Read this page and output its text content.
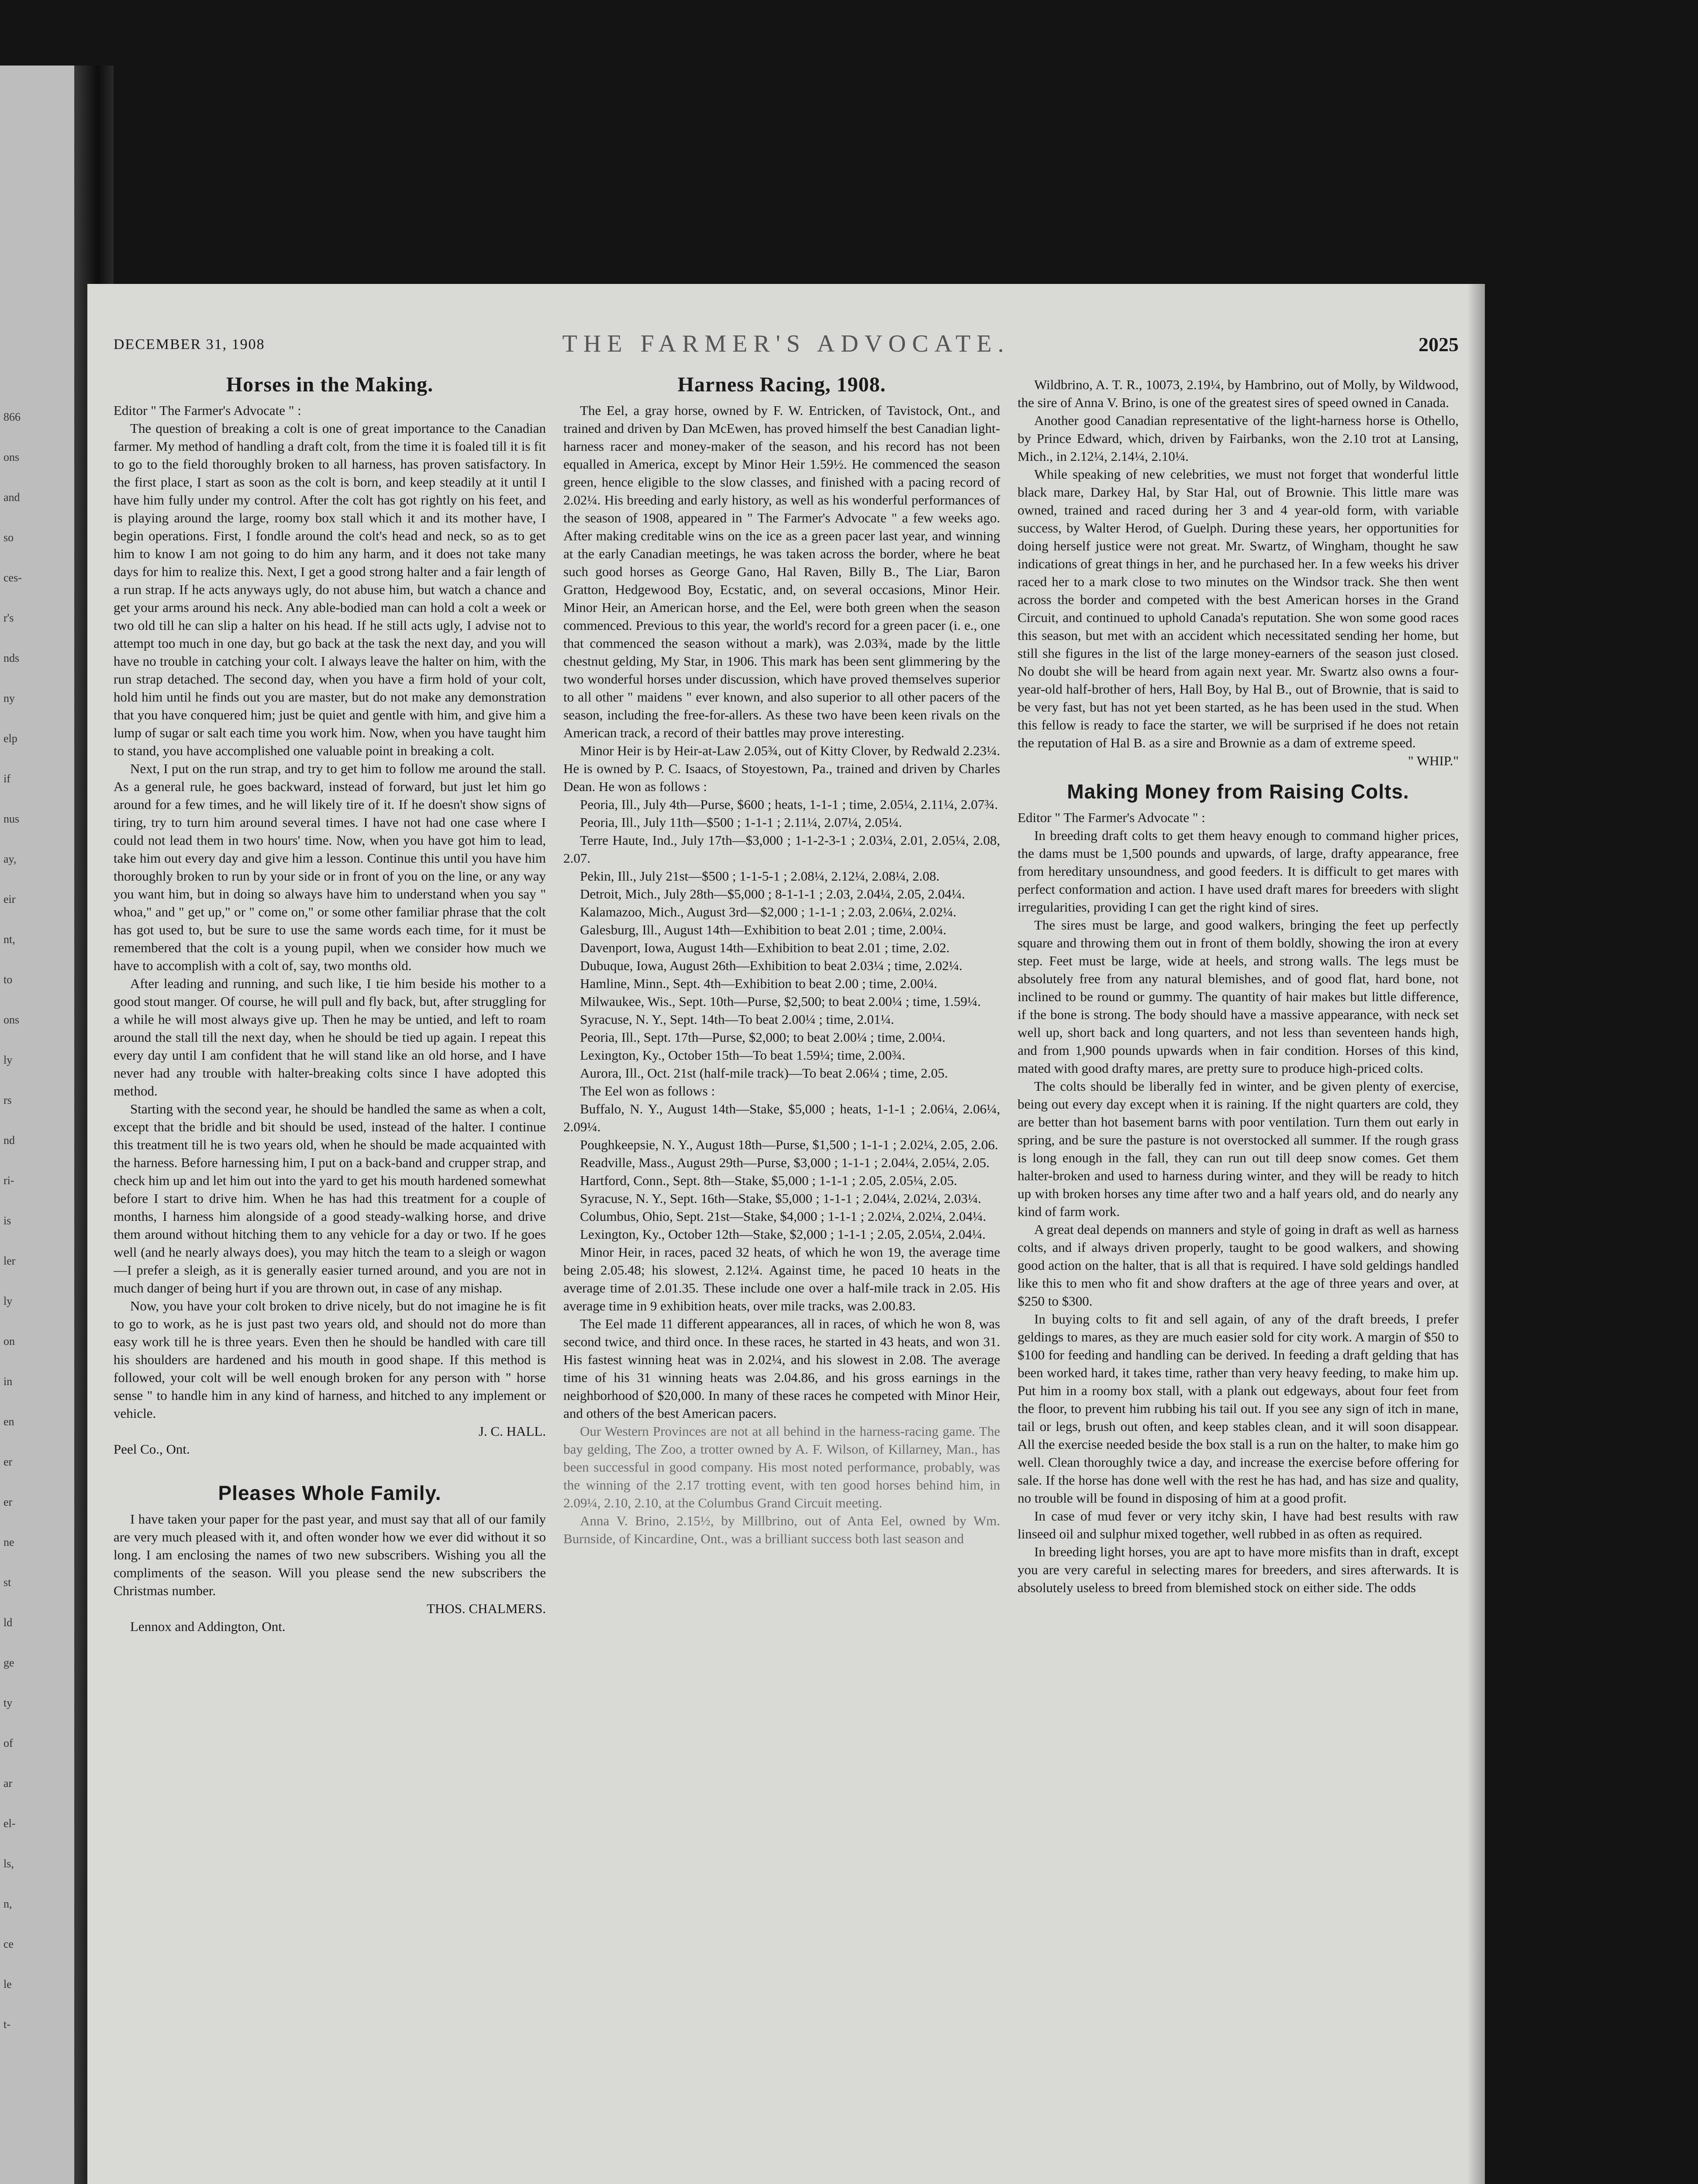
866
ons
and
so
ces-
r's
nds
ny
elp
if
nus
ay,
eir
nt,
to
ons
ly
rs
nd
ri-
is
ler
ly
on
in
en
er
er
ne
st
ld
ge
ty
of
ar
el-
ls,
n,
ce
le
t-
DECEMBER 31, 1908	THE FARMER'S ADVOCATE.	2025
Horses in the Making.

Editor " The Farmer's Advocate " :

The question of breaking a colt is one of great importance to the Canadian farmer. My method of handling a draft colt, from the time it is foaled till it is fit to go to the field thoroughly broken to all harness, has proven satisfactory. In the first place, I start as soon as the colt is born, and keep steadily at it until I have him fully under my control. After the colt has got rightly on his feet, and is playing around the large, roomy box stall which it and its mother have, I begin operations. First, I fondle around the colt's head and neck, so as to get him to know I am not going to do him any harm, and it does not take many days for him to realize this. Next, I get a good strong halter and a fair length of a run strap. If he acts anyways ugly, do not abuse him, but watch a chance and get your arms around his neck. Any able-bodied man can hold a colt a week or two old till he can slip a halter on his head. If he still acts ugly, I advise not to attempt too much in one day, but go back at the task the next day, and you will have no trouble in catching your colt. I always leave the halter on him, with the run strap detached. The second day, when you have a firm hold of your colt, hold him until he finds out you are master, but do not make any demonstration that you have conquered him; just be quiet and gentle with him, and give him a lump of sugar or salt each time you work him. Now, when you have taught him to stand, you have accomplished one valuable point in breaking a colt.

Next, I put on the run strap, and try to get him to follow me around the stall. As a general rule, he goes backward, instead of forward, but just let him go around for a few times, and he will likely tire of it. If he doesn't show signs of tiring, try to turn him around several times. I have not had one case where I could not lead them in two hours' time. Now, when you have got him to lead, take him out every day and give him a lesson. Continue this until you have him thoroughly broken to run by your side or in front of you on the line, or any way you want him, but in doing so always have him to understand when you say " whoa," and " get up," or " come on," or some other familiar phrase that the colt has got used to, but be sure to use the same words each time, for it must be remembered that the colt is a young pupil, when we consider how much we have to accomplish with a colt of, say, two months old.

After leading and running, and such like, I tie him beside his mother to a good stout manger. Of course, he will pull and fly back, but, after struggling for a while he will most always give up. Then he may be untied, and left to roam around the stall till the next day, when he should be tied up again. I repeat this every day until I am confident that he will stand like an old horse, and I have never had any trouble with halter-breaking colts since I have adopted this method.

Starting with the second year, he should be handled the same as when a colt, except that the bridle and bit should be used, instead of the halter. I continue this treatment till he is two years old, when he should be made acquainted with the harness. Before harnessing him, I put on a back-band and crupper strap, and check him up and let him out into the yard to get his mouth hardened somewhat before I start to drive him. When he has had this treatment for a couple of months, I harness him alongside of a good steady-walking horse, and drive them around without hitching them to any vehicle for a day or two. If he goes well (and he nearly always does), you may hitch the team to a sleigh or wagon—I prefer a sleigh, as it is generally easier turned around, and you are not in much danger of being hurt if you are thrown out, in case of any mishap.

Now, you have your colt broken to drive nicely, but do not imagine he is fit to go to work, as he is just past two years old, and should not do more than easy work till he is three years. Even then he should be handled with care till his shoulders are hardened and his mouth in good shape. If this method is followed, your colt will be well enough broken for any person with " horse sense " to handle him in any kind of harness, and hitched to any implement or vehicle.

J. C. HALL.

Peel Co., Ont.

Pleases Whole Family.

I have taken your paper for the past year, and must say that all of our family are very much pleased with it, and often wonder how we ever did without it so long. I am enclosing the names of two new subscribers. Wishing you all the compliments of the season. Will you please send the new subscribers the Christmas number.

THOS. CHALMERS.

Lennox and Addington, Ont.

Harness Racing, 1908.

The Eel, a gray horse, owned by F. W. Entricken, of Tavistock, Ont., and trained and driven by Dan McEwen, has proved himself the best Canadian light-harness racer and money-maker of the season, and his record has not been equalled in America, except by Minor Heir 1.59½. He commenced the season green, hence eligible to the slow classes, and finished with a pacing record of 2.02¼. His breeding and early history, as well as his wonderful performances of the season of 1908, appeared in " The Farmer's Advocate " a few weeks ago. After making creditable wins on the ice as a green pacer last year, and winning at the early Canadian meetings, he was taken across the border, where he beat such good horses as George Gano, Hal Raven, Billy B., The Liar, Baron Gratton, Hedgewood Boy, Ecstatic, and, on several occasions, Minor Heir. Minor Heir, an American horse, and the Eel, were both green when the season commenced. Previous to this year, the world's record for a green pacer (i. e., one that commenced the season without a mark), was 2.03¾, made by the little chestnut gelding, My Star, in 1906. This mark has been sent glimmering by the two wonderful horses under discussion, which have proved themselves superior to all other " maidens " ever known, and also superior to all other pacers of the season, including the free-for-allers. As these two have been keen rivals on the American track, a record of their battles may prove interesting.

Minor Heir is by Heir-at-Law 2.05¾, out of Kitty Clover, by Redwald 2.23¼. He is owned by P. C. Isaacs, of Stoyestown, Pa., trained and driven by Charles Dean. He won as follows :

Peoria, Ill., July 4th—Purse, $600 ; heats, 1-1-1 ; time, 2.05¼, 2.11¼, 2.07¾.

Peoria, Ill., July 11th—$500 ; 1-1-1 ; 2.11¼, 2.07¼, 2.05¼.

Terre Haute, Ind., July 17th—$3,000 ; 1-1-2-3-1 ; 2.03¼, 2.01, 2.05¼, 2.08, 2.07.

Pekin, Ill., July 21st—$500 ; 1-1-5-1 ; 2.08¼, 2.12¼, 2.08¼, 2.08.

Detroit, Mich., July 28th—$5,000 ; 8-1-1-1 ; 2.03, 2.04¼, 2.05, 2.04¼.

Kalamazoo, Mich., August 3rd—$2,000 ; 1-1-1 ; 2.03, 2.06¼, 2.02¼.

Galesburg, Ill., August 14th—Exhibition to beat 2.01 ; time, 2.00¼.

Davenport, Iowa, August 14th—Exhibition to beat 2.01 ; time, 2.02.

Dubuque, Iowa, August 26th—Exhibition to beat 2.03¼ ; time, 2.02¼.

Hamline, Minn., Sept. 4th—Exhibition to beat 2.00 ; time, 2.00¼.

Milwaukee, Wis., Sept. 10th—Purse, $2,500; to beat 2.00¼ ; time, 1.59¼.

Syracuse, N. Y., Sept. 14th—To beat 2.00¼ ; time, 2.01¼.

Peoria, Ill., Sept. 17th—Purse, $2,000; to beat 2.00¼ ; time, 2.00¼.

Lexington, Ky., October 15th—To beat 1.59¼; time, 2.00¾.

Aurora, Ill., Oct. 21st (half-mile track)—To beat 2.06¼ ; time, 2.05.

The Eel won as follows :

Buffalo, N. Y., August 14th—Stake, $5,000 ; heats, 1-1-1 ; 2.06¼, 2.06¼, 2.09¼.

Poughkeepsie, N. Y., August 18th—Purse, $1,500 ; 1-1-1 ; 2.02¼, 2.05, 2.06.

Readville, Mass., August 29th—Purse, $3,000 ; 1-1-1 ; 2.04¼, 2.05¼, 2.05.

Hartford, Conn., Sept. 8th—Stake, $5,000 ; 1-1-1 ; 2.05, 2.05¼, 2.05.

Syracuse, N. Y., Sept. 16th—Stake, $5,000 ; 1-1-1 ; 2.04¼, 2.02¼, 2.03¼.

Columbus, Ohio, Sept. 21st—Stake, $4,000 ; 1-1-1 ; 2.02¼, 2.02¼, 2.04¼.

Lexington, Ky., October 12th—Stake, $2,000 ; 1-1-1 ; 2.05, 2.05¼, 2.04¼.

Minor Heir, in races, paced 32 heats, of which he won 19, the average time being 2.05.48; his slowest, 2.12¼. Against time, he paced 10 heats in the average time of 2.01.35. These include one over a half-mile track in 2.05. His average time in 9 exhibition heats, over mile tracks, was 2.00.83.

The Eel made 11 different appearances, all in races, of which he won 8, was second twice, and third once. In these races, he started in 43 heats, and won 31. His fastest winning heat was in 2.02¼, and his slowest in 2.08. The average time of his 31 winning heats was 2.04.86, and his gross earnings in the neighborhood of $20,000. In many of these races he competed with Minor Heir, and others of the best American pacers.

Our Western Provinces are not at all behind in the harness-racing game. The bay gelding, The Zoo, a trotter owned by A. F. Wilson, of Killarney, Man., has been successful in good company. His most noted performance, probably, was the winning of the 2.17 trotting event, with ten good horses behind him, in 2.09¼, 2.10, 2.10, at the Columbus Grand Circuit meeting.

Anna V. Brino, 2.15½, by Millbrino, out of Anta Eel, owned by Wm. Burnside, of Kincardine, Ont., was a brilliant success both last season and

Wildbrino, A. T. R., 10073, 2.19¼, by Hambrino, out of Molly, by Wildwood, the sire of Anna V. Brino, is one of the greatest sires of speed owned in Canada.

Another good Canadian representative of the light-harness horse is Othello, by Prince Edward, which, driven by Fairbanks, won the 2.10 trot at Lansing, Mich., in 2.12¼, 2.14¼, 2.10¼.

While speaking of new celebrities, we must not forget that wonderful little black mare, Darkey Hal, by Star Hal, out of Brownie. This little mare was owned, trained and raced during her 3 and 4 year-old form, with variable success, by Walter Herod, of Guelph. During these years, her opportunities for doing herself justice were not great. Mr. Swartz, of Wingham, thought he saw indications of great things in her, and he purchased her. In a few weeks his driver raced her to a mark close to two minutes on the Windsor track. She then went across the border and competed with the best American horses in the Grand Circuit, and continued to uphold Canada's reputation. She won some good races this season, but met with an accident which necessitated sending her home, but still she figures in the list of the large money-earners of the season just closed. No doubt she will be heard from again next year. Mr. Swartz also owns a four-year-old half-brother of hers, Hall Boy, by Hal B., out of Brownie, that is said to be very fast, but has not yet been started, as he has been used in the stud. When this fellow is ready to face the starter, we will be surprised if he does not retain the reputation of Hal B. as a sire and Brownie as a dam of extreme speed.

" WHIP."

Making Money from Raising Colts.

Editor " The Farmer's Advocate " :

In breeding draft colts to get them heavy enough to command higher prices, the dams must be 1,500 pounds and upwards, of large, drafty appearance, free from hereditary unsoundness, and good feeders. It is difficult to get mares with perfect conformation and action. I have used draft mares for breeders with slight irregularities, providing I can get the right kind of sires.

The sires must be large, and good walkers, bringing the feet up perfectly square and throwing them out in front of them boldly, showing the iron at every step. Feet must be large, wide at heels, and strong walls. The legs must be absolutely free from any natural blemishes, and of good flat, hard bone, not inclined to be round or gummy. The quantity of hair makes but little difference, if the bone is strong. The body should have a massive appearance, with neck set well up, short back and long quarters, and not less than seventeen hands high, and from 1,900 pounds upwards when in fair condition. Horses of this kind, mated with good drafty mares, are pretty sure to produce high-priced colts.

The colts should be liberally fed in winter, and be given plenty of exercise, being out every day except when it is raining. If the night quarters are cold, they are better than hot basement barns with poor ventilation. Turn them out early in spring, and be sure the pasture is not overstocked all summer. If the rough grass is long enough in the fall, they can run out till deep snow comes. Get them halter-broken and used to harness during winter, and they will be ready to hitch up with broken horses any time after two and a half years old, and do nearly any kind of farm work.

A great deal depends on manners and style of going in draft as well as harness colts, and if always driven properly, taught to be good walkers, and showing good action on the halter, that is all that is required. I have sold geldings handled like this to men who fit and show drafters at the age of three years and over, at $250 to $300.

In buying colts to fit and sell again, of any of the draft breeds, I prefer geldings to mares, as they are much easier sold for city work. A margin of $50 to $100 for feeding and handling can be derived. In feeding a draft gelding that has been worked hard, it takes time, rather than very heavy feeding, to make him up. Put him in a roomy box stall, with a plank out edgeways, about four feet from the floor, to prevent him rubbing his tail out. If you see any sign of itch in mane, tail or legs, brush out often, and keep stables clean, and it will soon disappear. All the exercise needed beside the box stall is a run on the halter, to make him go well. Clean thoroughly twice a day, and increase the exercise before offering for sale. If the horse has done well with the rest he has had, and has size and quality, no trouble will be found in disposing of him at a good profit.

In case of mud fever or very itchy skin, I have had best results with raw linseed oil and sulphur mixed together, well rubbed in as often as required.

In breeding light horses, you are apt to have more misfits than in draft, except you are very careful in selecting mares for breeders, and sires afterwards. It is absolutely useless to breed from blemished stock on either side. The odds
